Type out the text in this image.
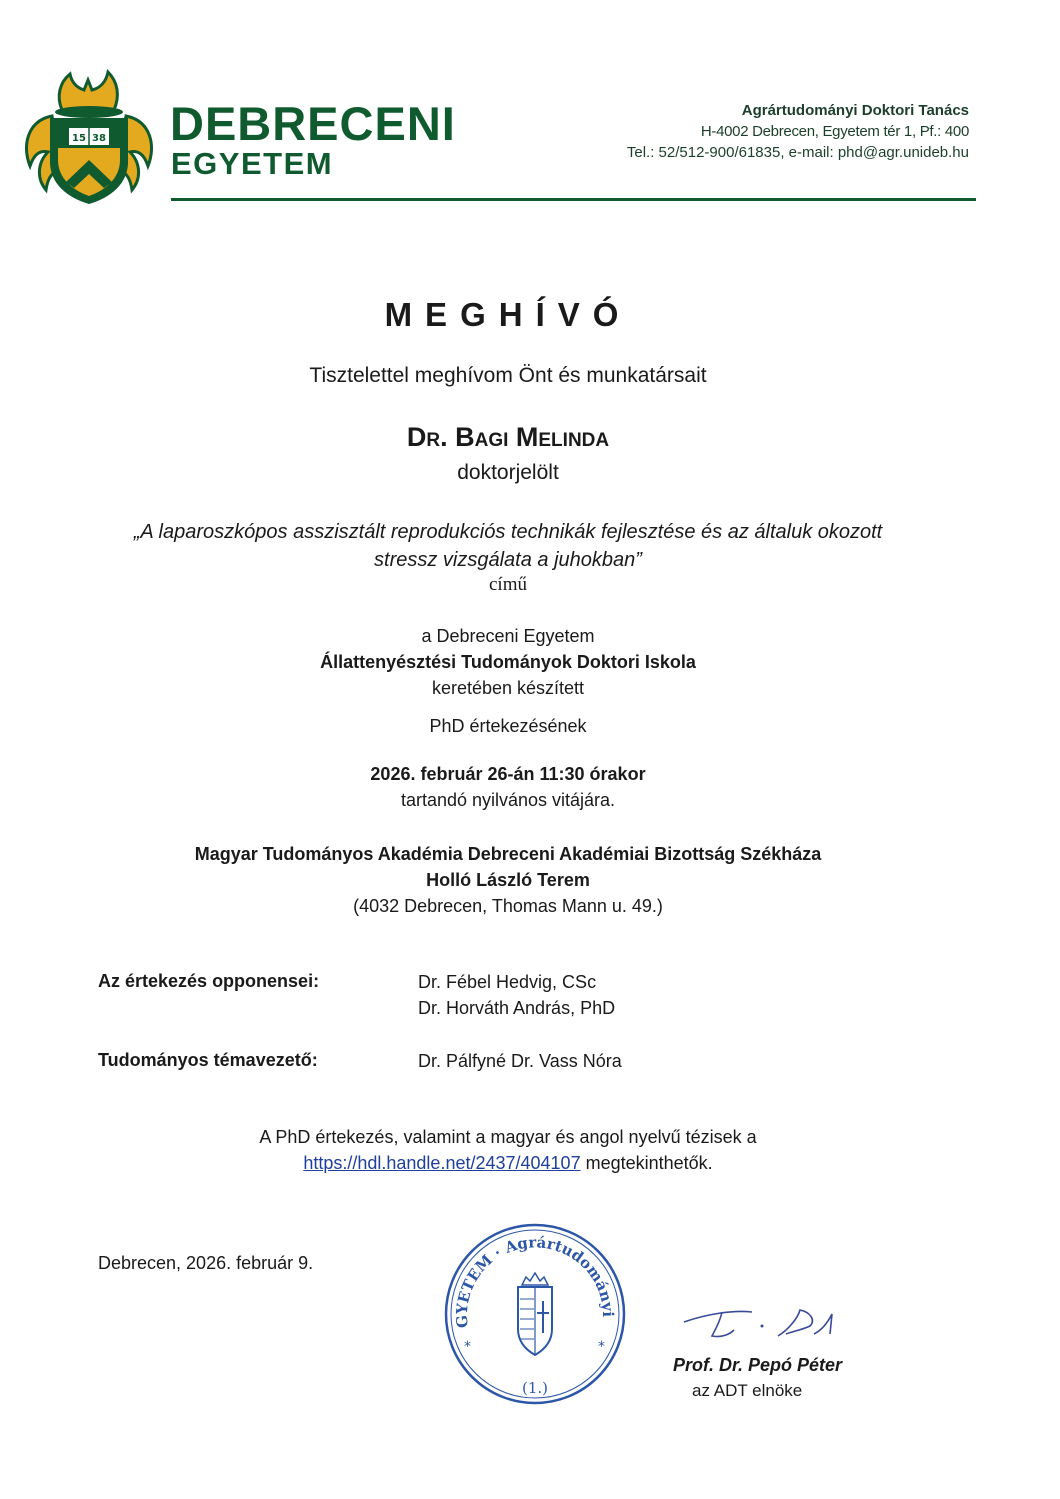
15 38 DEBRECENI
EGYETEM
Agrártudományi Doktori Tanács
H-4002 Debrecen, Egyetem tér 1, Pf.: 400
Tel.: 52/512-900/61835, e-mail: phd@agr.unideb.hu
MEGHÍVÓ
Tisztelettel meghívom Önt és munkatársait
Dr. Bagi Melinda
doktorjelölt
„A laparoszkópos asszisztált reprodukciós technikák fejlesztése és az általuk okozott
stressz vizsgálata a juhokban”
című
a Debreceni Egyetem
Állattenyésztési Tudományok Doktori Iskola
keretében készített
PhD értekezésének
2026. február 26-án 11:30 órakor
tartandó nyilvános vitájára.
Magyar Tudományos Akadémia Debreceni Akadémiai Bizottság Székháza
Holló László Terem
(4032 Debrecen, Thomas Mann u. 49.)
Az értekezés opponensei:	Dr. Fébel Hedvig, CSc
Dr. Horváth András, PhD
Tudományos témavezető:	Dr. Pálfyné Dr. Vass Nóra
A PhD értekezés, valamint a magyar és angol nyelvű tézisek a
https://hdl.handle.net/2437/404107 megtekinthetők.
Debrecen, 2026. február 9.
GYETEM · Agrártudományi
*	*
(1.)
Prof. Dr. Pepó Péter
az ADT elnöke
